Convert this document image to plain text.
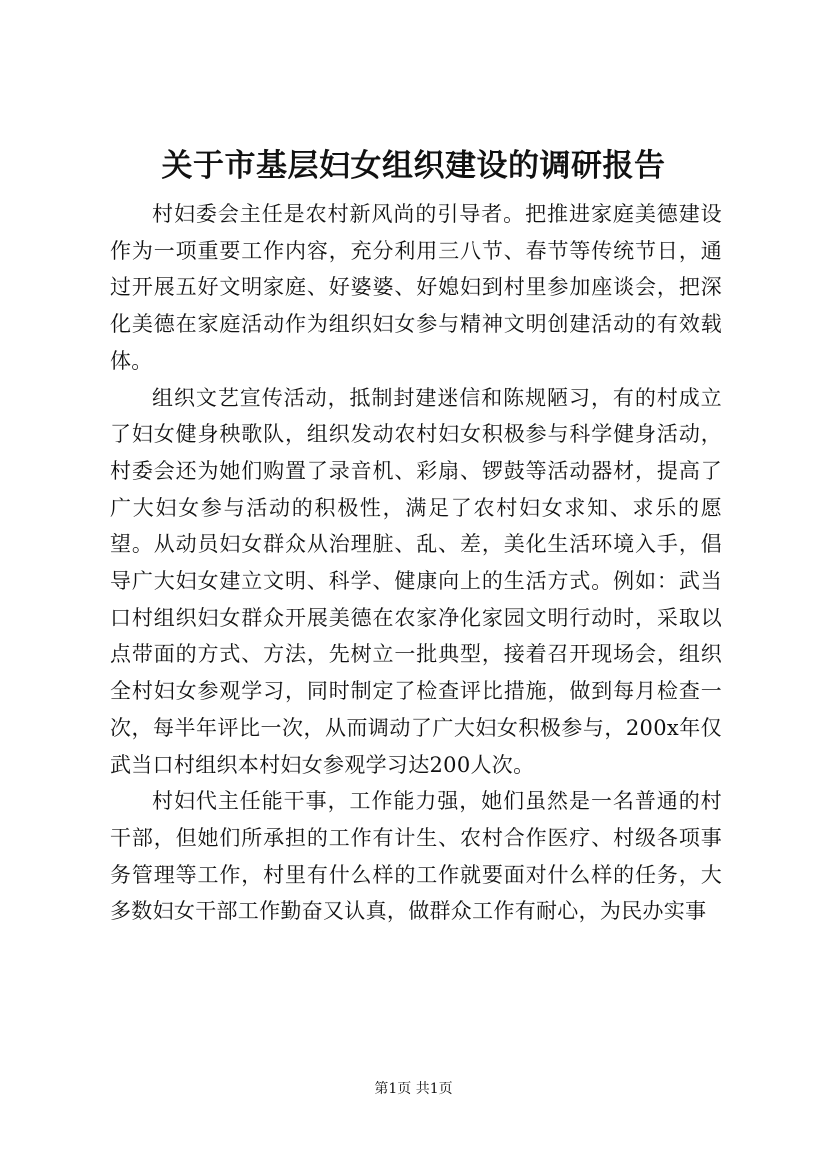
关于市基层妇女组织建设的调研报告

村妇委会主任是农村新风尚的引导者。把推进家庭美德建设作为一项重要工作内容，充分利用三八节、春节等传统节日，通过开展五好文明家庭、好婆婆、好媳妇到村里参加座谈会，把深化美德在家庭活动作为组织妇女参与精神文明创建活动的有效载体。

组织文艺宣传活动，抵制封建迷信和陈规陋习，有的村成立了妇女健身秧歌队，组织发动农村妇女积极参与科学健身活动，村委会还为她们购置了录音机、彩扇、锣鼓等活动器材，提高了广大妇女参与活动的积极性，满足了农村妇女求知、求乐的愿望。从动员妇女群众从治理脏、乱、差，美化生活环境入手，倡导广大妇女建立文明、科学、健康向上的生活方式。例如：武当口村组织妇女群众开展美德在农家净化家园文明行动时，采取以点带面的方式、方法，先树立一批典型，接着召开现场会，组织全村妇女参观学习，同时制定了检查评比措施，做到每月检查一次，每半年评比一次，从而调动了广大妇女积极参与，200x年仅武当口村组织本村妇女参观学习达200人次。

村妇代主任能干事，工作能力强，她们虽然是一名普通的村干部，但她们所承担的工作有计生、农村合作医疗、村级各项事务管理等工作，村里有什么样的工作就要面对什么样的任务，大多数妇女干部工作勤奋又认真，做群众工作有耐心，为民办实事

第1页 共1页
